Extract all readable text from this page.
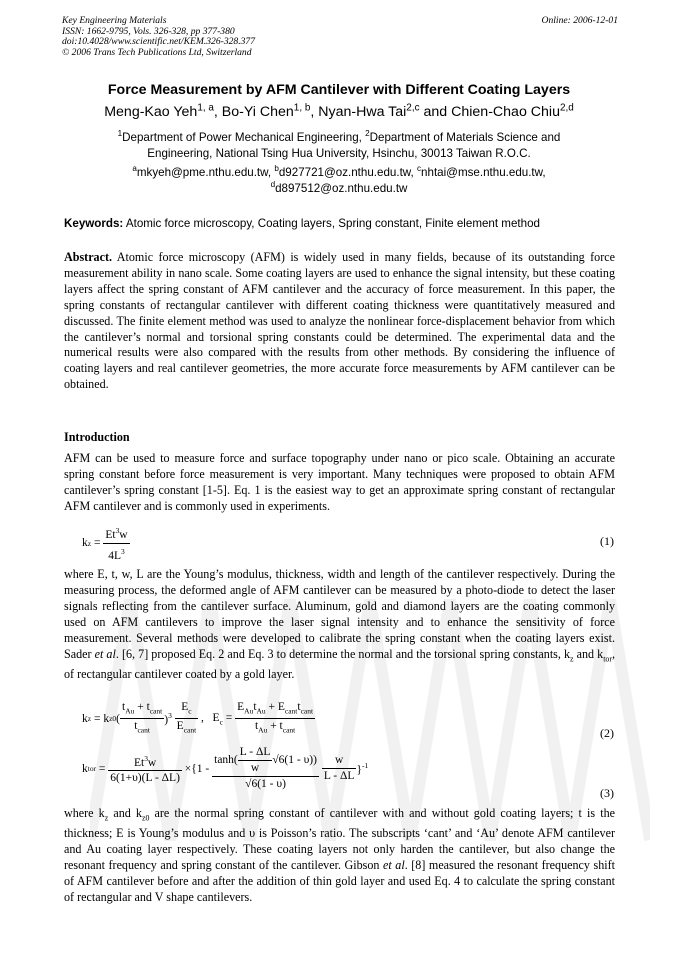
Key Engineering Materials
ISSN: 1662-9795, Vols. 326-328, pp 377-380
doi:10.4028/www.scientific.net/KEM.326-328.377
© 2006 Trans Tech Publications Ltd, Switzerland
Online: 2006-12-01
Force Measurement by AFM Cantilever with Different Coating Layers
Meng-Kao Yeh$^{1, a}$, Bo-Yi Chen$^{1, b}$, Nyan-Hwa Tai$^{2,c}$ and Chien-Chao Chiu$^{2,d}$
$^1$Department of Power Mechanical Engineering, $^2$Department of Materials Science and
Engineering, National Tsing Hua University, Hsinchu, 30013 Taiwan R.O.C.
$^a$mkyeh@pme.nthu.edu.tw, $^b$d927721@oz.nthu.edu.tw, $^c$nhtai@mse.nthu.edu.tw,
$^d$d897512@oz.nthu.edu.tw
Keywords: Atomic force microscopy, Coating layers, Spring constant, Finite element method
Abstract. Atomic force microscopy (AFM) is widely used in many fields, because of its outstanding force measurement ability in nano scale. Some coating layers are used to enhance the signal intensity, but these coating layers affect the spring constant of AFM cantilever and the accuracy of force measurement. In this paper, the spring constants of rectangular cantilever with different coating thickness were quantitatively measured and discussed. The finite element method was used to analyze the nonlinear force-displacement behavior from which the cantilever’s normal and torsional spring constants could be determined. The experimental data and the numerical results were also compared with the results from other methods. By considering the influence of coating layers and real cantilever geometries, the more accurate force measurements by AFM cantilever can be obtained.
Introduction
AFM can be used to measure force and surface topography under nano or pico scale. Obtaining an accurate spring constant before force measurement is very important. Many techniques were proposed to obtain AFM cantilever’s spring constant [1-5]. Eq. 1 is the easiest way to get an approximate spring constant of rectangular AFM cantilever and is commonly used in experiments.
k $z = \frac{Et^3w}{4L^3}$	(1)
where E, t, w, L are the Young’s modulus, thickness, width and length of the cantilever respectively. During the measuring process, the deformed angle of AFM cantilever can be measured by a photo-diode to detect the laser signals reflecting from the cantilever surface. Aluminum, gold and diamond layers are the coating commonly used on AFM cantilevers to improve the laser signal intensity and to enhance the sensitivity of force measurement. Several methods were developed to calibrate the spring constant when the coating layers exist. Sader et al. [6, 7] proposed Eq. 2 and Eq. 3 to determine the normal and the torsional spring constants, $k_z$ and $k_{tor}$, of rectangular cantilever coated by a gold layer.
k z = k z0 ( $\frac{t_{Au} + t_{cant}}{t_{cant}} )^3 \frac{E_c}{E_{cant}}$ ,   $E_c = \frac{E_{Au}t_{Au} + E_{cant}t_{cant}}{t_{Au} + t_{cant}}$	(2)
k tor = $\frac{Et^3w}{6(1+\upsilon)(L - \Delta L)} \times\{1 - \frac{\tanh( \frac{L - \Delta L}{w} √6(1 - \upsilon))}{√6(1 - \upsilon)}$
$\frac{w}{L - \Delta L} \}^{-1}$
(3)
where $k_z$ and $k_{z0}$ are the normal spring constant of cantilever with and without gold coating layers; t is the thickness; E is Young’s modulus and υ is Poisson’s ratio. The subscripts ‘cant’ and ‘Au’ denote AFM cantilever and Au coating layer respectively. These coating layers not only harden the cantilever, but also change the resonant frequency and spring constant of the cantilever. Gibson et al. [8] measured the resonant frequency shift of AFM cantilever before and after the addition of thin gold layer and used Eq. 4 to calculate the spring constant of rectangular and V shape cantilevers.
